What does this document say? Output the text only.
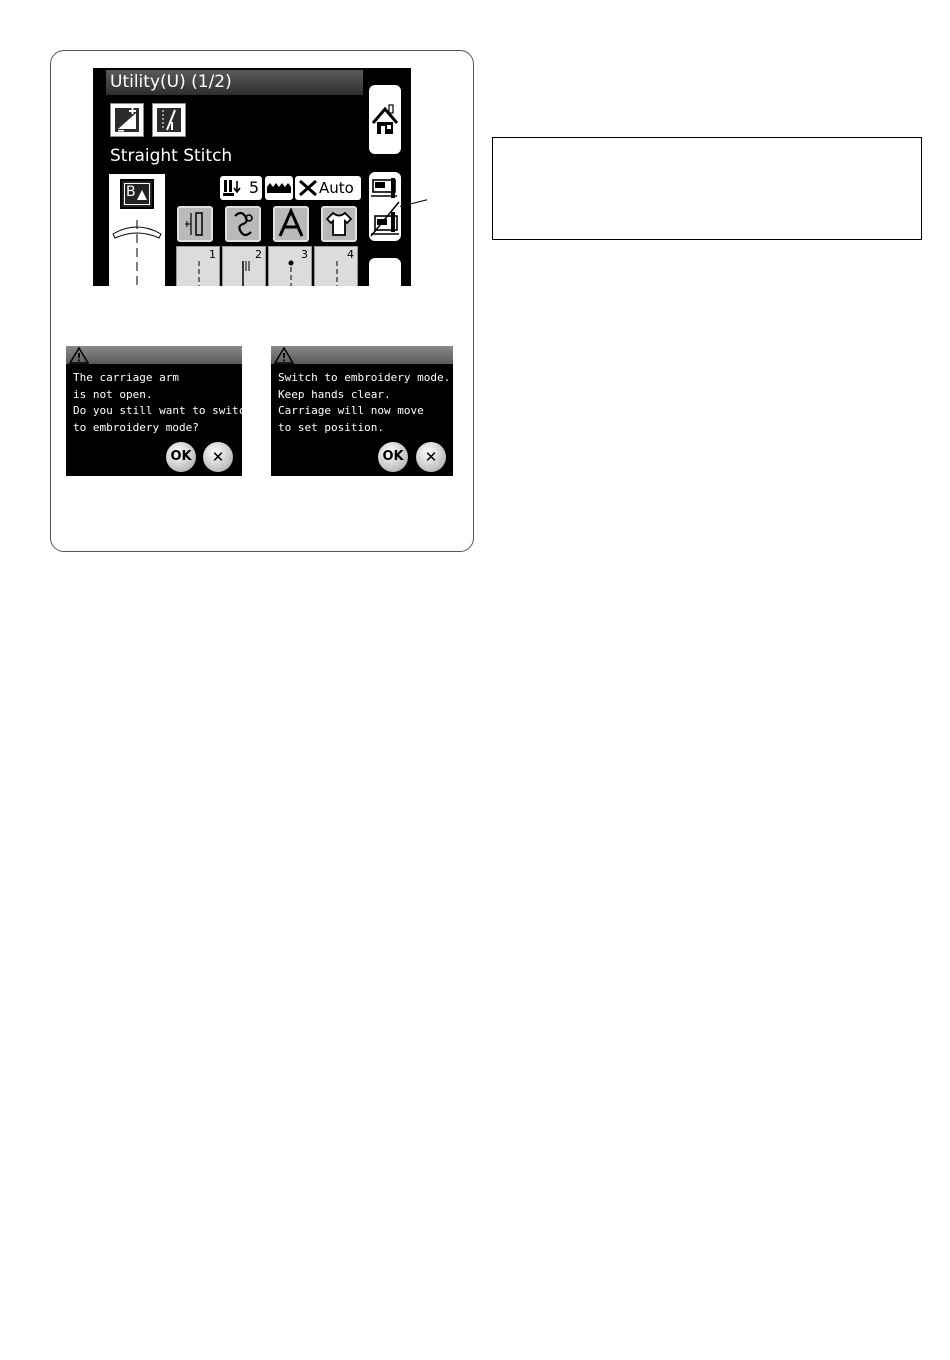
Utility(U) (1/2)
Straight Stitch
B	5	Auto
1	2	3	4
The carriage arm
is not open.
Do you still want to switch
to embroidery mode?
OK	✕
Switch to embroidery mode.
Keep hands clear.
Carriage will now move
to set position.
OK	✕
